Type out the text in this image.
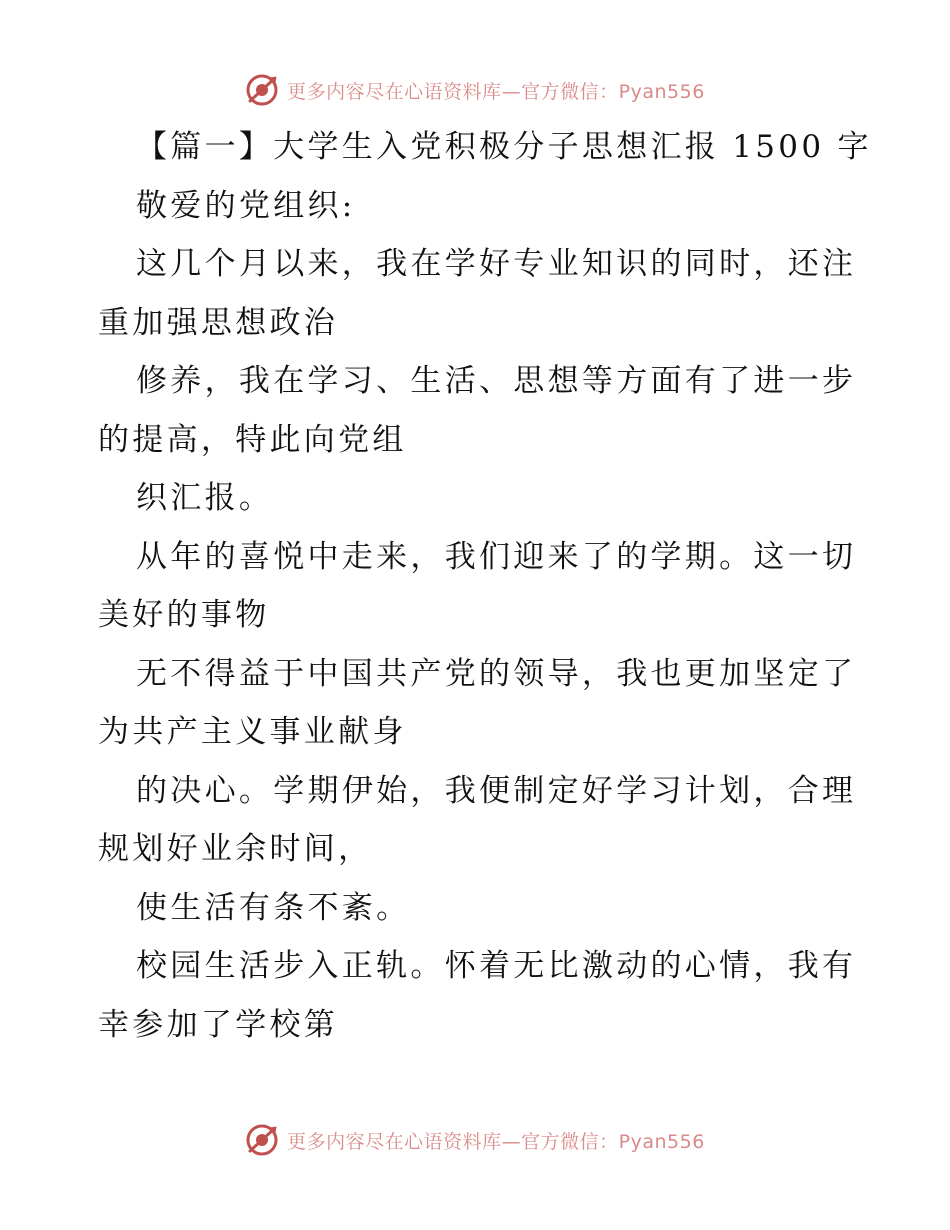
更多内容尽在心语资料库—官方微信：Pyan556
【篇一】大学生入党积极分子思想汇报 1500 字
敬爱的党组织:
这几个月以来，我在学好专业知识的同时，还注
重加强思想政治
修养，我在学习、生活、思想等方面有了进一步
的提高，特此向党组
织汇报。
从年的喜悦中走来，我们迎来了的学期。这一切
美好的事物
无不得益于中国共产党的领导，我也更加坚定了
为共产主义事业献身
的决心。学期伊始，我便制定好学习计划，合理
规划好业余时间，
使生活有条不紊。
校园生活步入正轨。怀着无比激动的心情，我有
幸参加了学校第
更多内容尽在心语资料库—官方微信：Pyan556
